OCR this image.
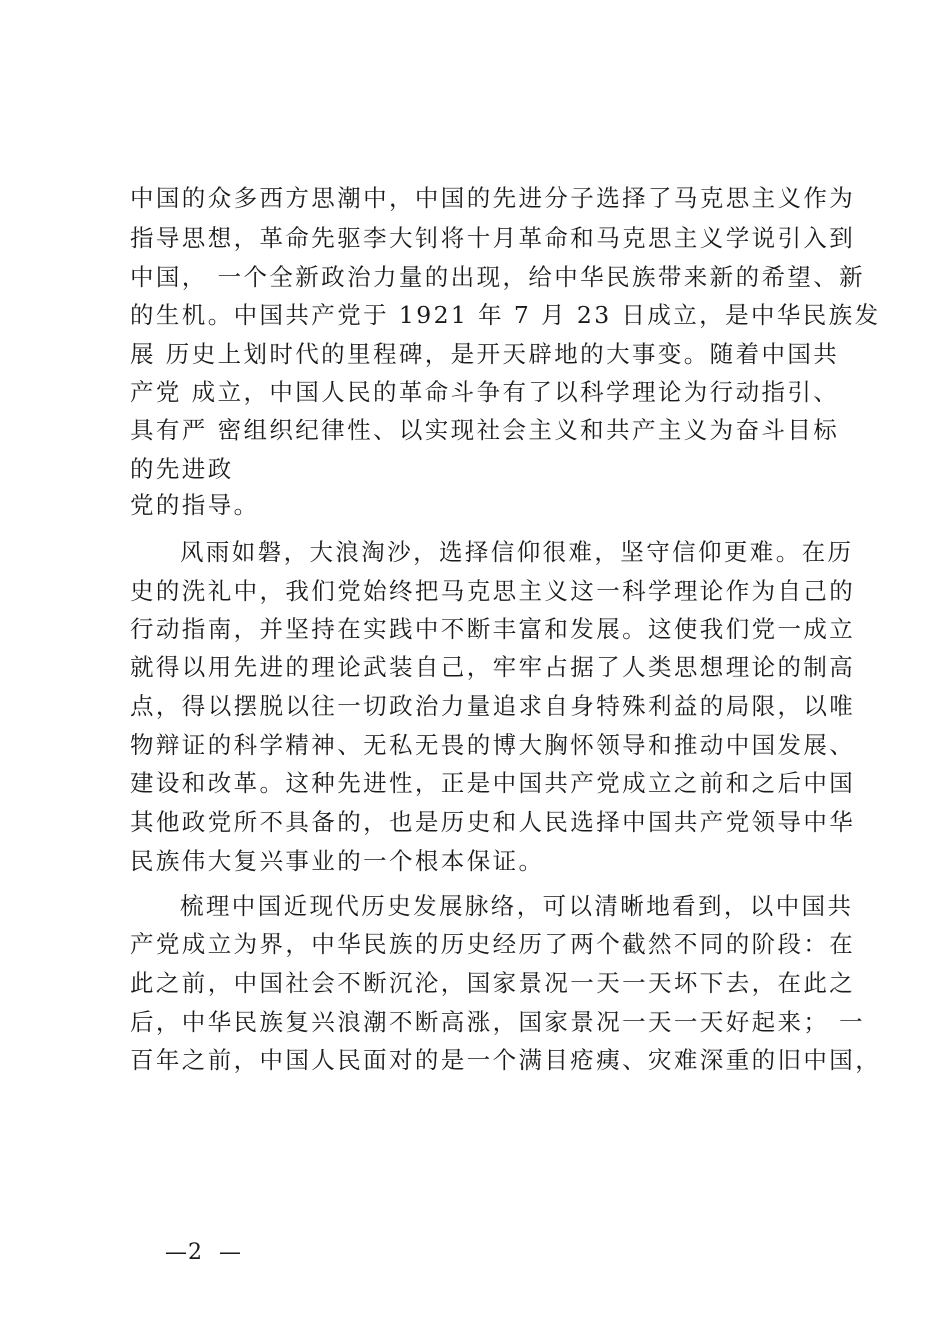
中国的众多西方思潮中，中国的先进分子选择了马克思主义作为
指导思想，革命先驱李大钊将十月革命和马克思主义学说引入到
中国， 一个全新政治力量的出现，给中华民族带来新的希望、新
的生机。中国共产党于 1921 年 7 月 23 日成立，是中华民族发
展 历史上划时代的里程碑，是开天辟地的大事变。随着中国共
产党 成立，中国人民的革命斗争有了以科学理论为行动指引、
具有严 密组织纪律性、以实现社会主义和共产主义为奋斗目标
的先进政
党的指导。
风雨如磐，大浪淘沙，选择信仰很难，坚守信仰更难。在历
史的洗礼中，我们党始终把马克思主义这一科学理论作为自己的
行动指南，并坚持在实践中不断丰富和发展。这使我们党一成立
就得以用先进的理论武装自己，牢牢占据了人类思想理论的制高
点，得以摆脱以往一切政治力量追求自身特殊利益的局限，以唯
物辩证的科学精神、无私无畏的博大胸怀领导和推动中国发展、
建设和改革。这种先进性，正是中国共产党成立之前和之后中国
其他政党所不具备的，也是历史和人民选择中国共产党领导中华
民族伟大复兴事业的一个根本保证。
梳理中国近现代历史发展脉络，可以清晰地看到，以中国共
产党成立为界，中华民族的历史经历了两个截然不同的阶段：在
此之前，中国社会不断沉沦，国家景况一天一天坏下去，在此之
后，中华民族复兴浪潮不断高涨，国家景况一天一天好起来； 一
百年之前，中国人民面对的是一个满目疮痍、灾难深重的旧中国，
—2  —
